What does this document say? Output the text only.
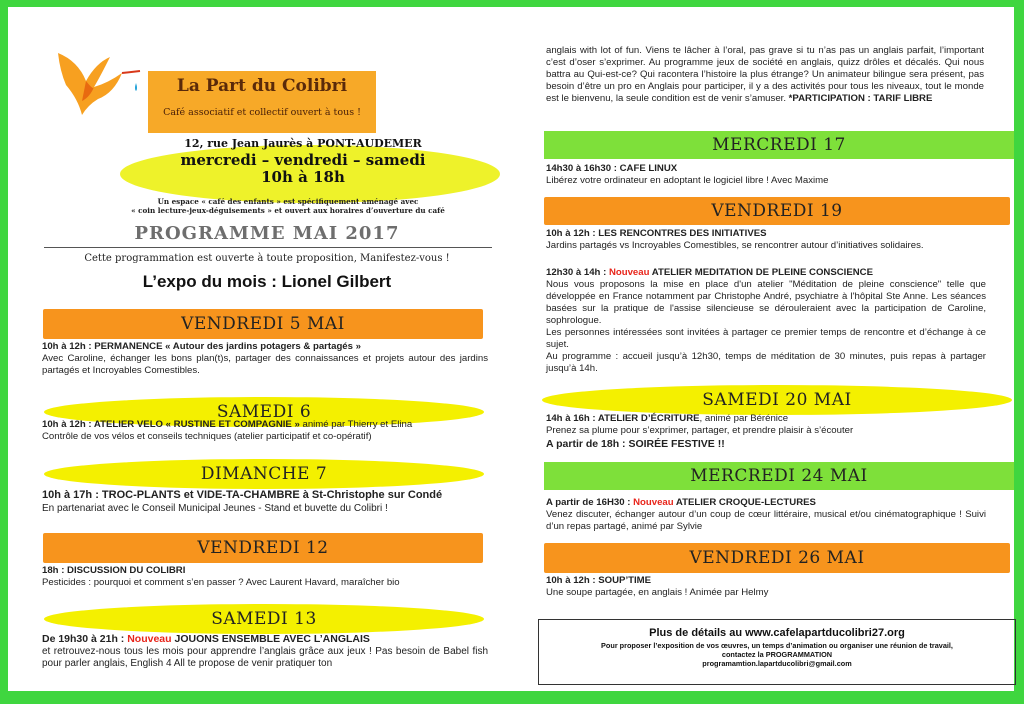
La Part du Colibri
Café associatif et collectif ouvert à tous !
12, rue Jean Jaurès à PONT-AUDEMER
mercredi – vendredi – samedi
10h à 18h
Un espace « café des enfants » est spécifiquement aménagé avec
« coin lecture-jeux-déguisements » et ouvert aux horaires d’ouverture du café
PROGRAMME MAI 2017
Cette programmation est ouverte à toute proposition, Manifestez-vous !
L’expo du mois : Lionel Gilbert
VENDREDI 5 MAI

10h à 12h : PERMANENCE « Autour des jardins potagers & partagés »

Avec Caroline, échanger les bons plan(t)s, partager des connaissances et projets autour des jardins partagés et Incroyables Comestibles.

SAMEDI 6

10h à 12h : ATELIER VELO « RUSTINE ET COMPAGNIE » animé par Thierry et Elina

Contrôle de vos vélos et conseils techniques (atelier participatif et co-opératif)

DIMANCHE 7

10h à 17h : TROC-PLANTS et VIDE-TA-CHAMBRE à St-Christophe sur Condé

En partenariat avec le Conseil Municipal Jeunes - Stand et buvette du Colibri !

VENDREDI 12

18h : DISCUSSION DU COLIBRI

Pesticides : pourquoi et comment s’en passer ? Avec Laurent Havard, maraîcher bio

SAMEDI 13

De 19h30 à 21h : Nouveau JOUONS ENSEMBLE AVEC L’ANGLAIS

et retrouvez-nous tous les mois pour apprendre l’anglais grâce aux jeux ! Pas besoin de Babel fish pour parler anglais, English 4 All te propose de venir pratiquer ton

anglais with lot of fun. Viens te lâcher à l’oral, pas grave si tu n’as pas un anglais parfait, l’important c’est d’oser s’exprimer. Au programme jeux de société en anglais, quizz drôles et décalés. Qui nous battra au Qui-est-ce? Qui racontera l’histoire la plus étrange? Un animateur bilingue sera présent, pas besoin d’être un pro en Anglais pour participer, il y a des activités pour tous les niveaux, tout le monde est le bienvenu, la seule condition est de venir s’amuser. *PARTICIPATION : TARIF LIBRE

MERCREDI 17

14h30 à 16h30 : CAFE LINUX

Libérez votre ordinateur en adoptant le logiciel libre ! Avec Maxime

VENDREDI 19

10h à 12h : LES RENCONTRES DES INITIATIVES

Jardins partagés vs Incroyables Comestibles, se rencontrer autour d’initiatives solidaires.

12h30 à 14h : Nouveau ATELIER MEDITATION DE PLEINE CONSCIENCE

Nous vous proposons la mise en place d'un atelier "Méditation de pleine conscience" telle que développée en France notamment par Christophe André, psychiatre à l'hôpital Ste Anne. Les séances basées sur la pratique de l'assise silencieuse se dérouleraient avec la participation de Caroline, sophrologue.

Les personnes intéressées sont invitées à partager ce premier temps de rencontre et d’échange à ce sujet.

Au programme : accueil jusqu’à 12h30, temps de méditation de 30 minutes, puis repas à partager jusqu’à 14h.

SAMEDI 20 MAI

14h à 16h : ATELIER D’ÉCRITURE, animé par Bérénice

Prenez sa plume pour s’exprimer, partager, et prendre plaisir à s’écouter

A partir de 18h : SOIRÉE FESTIVE !!

MERCREDI 24 MAI

A partir de 16H30 : Nouveau ATELIER CROQUE-LECTURES

Venez discuter, échanger autour d’un coup de cœur littéraire, musical et/ou cinématographique ! Suivi d’un repas partagé, animé par Sylvie

VENDREDI 26 MAI

10h à 12h : SOUP’TIME

Une soupe partagée, en anglais ! Animée par Helmy

Plus de détails au www.cafelapartducolibri27.org
Pour proposer l’exposition de vos œuvres, un temps d’animation ou organiser une réunion de travail,
contactez la PROGRAMMATION
programamtion.lapartducolibri@gmail.com
